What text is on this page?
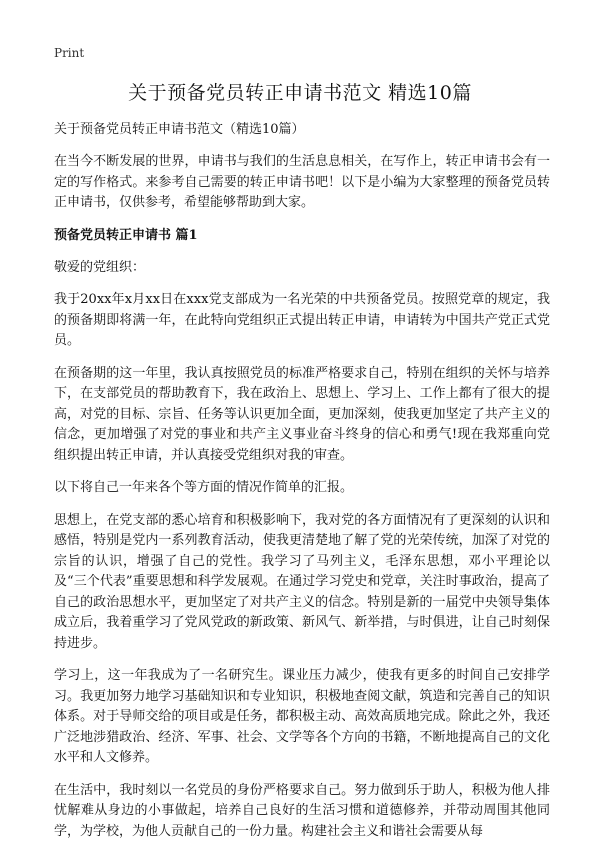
Print
关于预备党员转正申请书范文 精选10篇

关于预备党员转正申请书范文（精选10篇）

在当今不断发展的世界，申请书与我们的生活息息相关，在写作上，转正申请书会有一定的写作格式。来参考自己需要的转正申请书吧！以下是小编为大家整理的预备党员转正申请书，仅供参考，希望能够帮助到大家。

预备党员转正申请书 篇1

敬爱的党组织：

我于20xx年x月xx日在xxx党支部成为一名光荣的中共预备党员。按照党章的规定，我的预备期即将满一年，在此特向党组织正式提出转正申请，申请转为中国共产党正式党员。

在预备期的这一年里，我认真按照党员的标准严格要求自己，特别在组织的关怀与培养下，在支部党员的帮助教育下，我在政治上、思想上、学习上、工作上都有了很大的提高，对党的目标、宗旨、任务等认识更加全面，更加深刻，使我更加坚定了共产主义的信念，更加增强了对党的事业和共产主义事业奋斗终身的信心和勇气!现在我郑重向党组织提出转正申请，并认真接受党组织对我的审查。

以下将自己一年来各个等方面的情况作简单的汇报。

思想上，在党支部的悉心培育和积极影响下，我对党的各方面情况有了更深刻的认识和感悟，特别是党内一系列教育活动，使我更清楚地了解了党的光荣传统，加深了对党的宗旨的认识，增强了自己的党性。我学习了马列主义，毛泽东思想，邓小平理论以及“三个代表”重要思想和科学发展观。在通过学习党史和党章，关注时事政治，提高了自己的政治思想水平，更加坚定了对共产主义的信念。特别是新的一届党中央领导集体成立后，我着重学习了党风党政的新政策、新风气、新举措，与时俱进，让自己时刻保持进步。

学习上，这一年我成为了一名研究生。课业压力减少，使我有更多的时间自己安排学习。我更加努力地学习基础知识和专业知识，积极地查阅文献，筑造和完善自己的知识体系。对于导师交给的项目或是任务，都积极主动、高效高质地完成。除此之外，我还广泛地涉猎政治、经济、军事、社会、文学等各个方向的书籍，不断地提高自己的文化水平和人文修养。

在生活中，我时刻以一名党员的身份严格要求自己。努力做到乐于助人，积极为他人排忧解难从身边的小事做起，培养自己良好的生活习惯和道德修养，并带动周围其他同学，为学校，为他人贡献自己的一份力量。构建社会主义和谐社会需要从每
